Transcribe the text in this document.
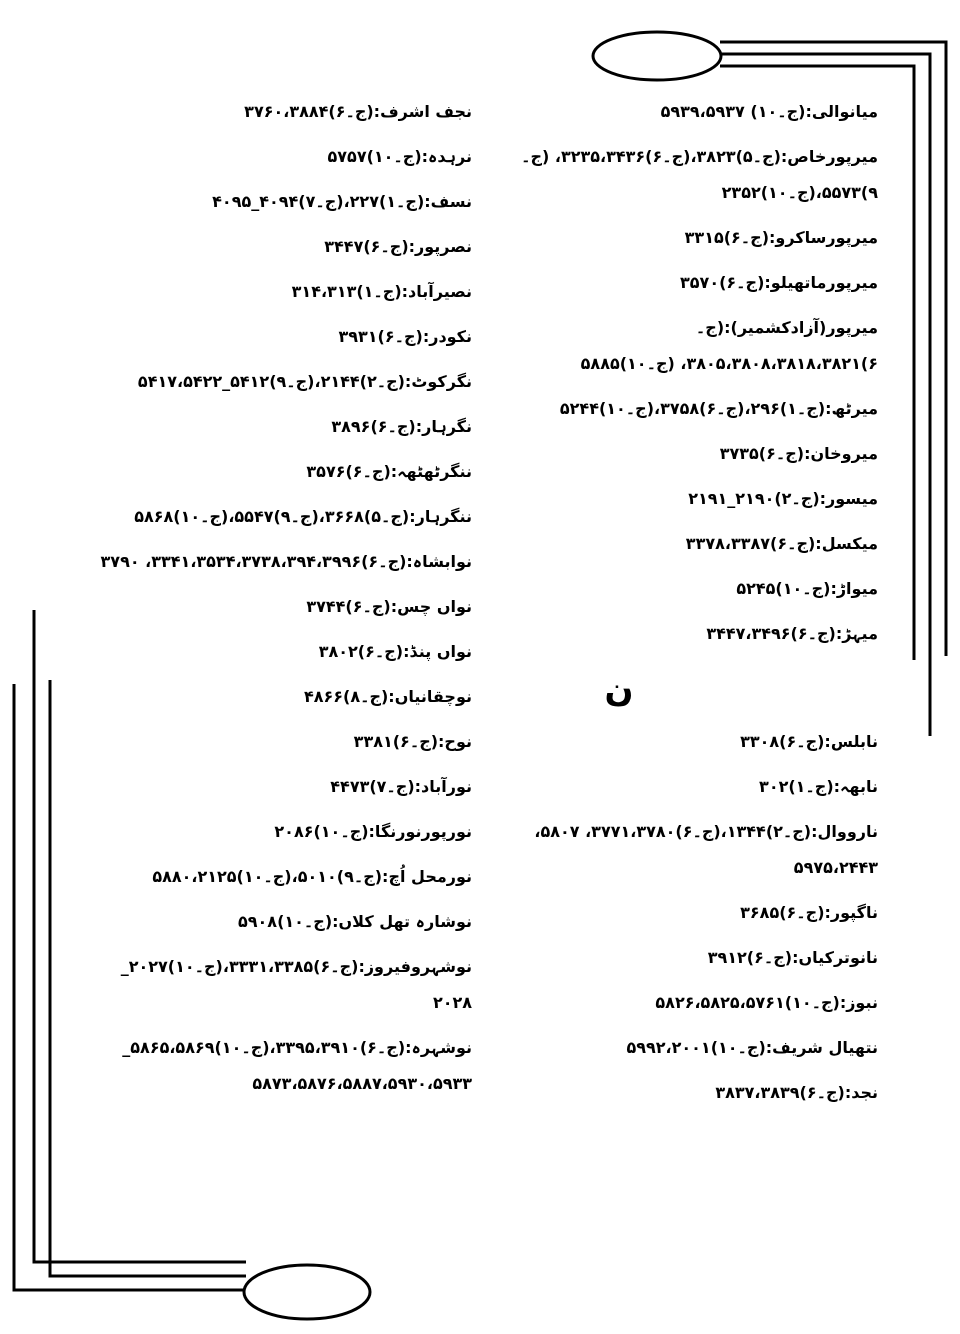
میانوالی:(ج۔۱۰) ۵۹۳۹،۵۹۳۷
میرپورخاص:(ج۔۵)۳۸۲۳،(ج۔۶)۳۲۳۵،۳۴۳۶، (ج۔۹)۵۵۷۳،(ج۔۱۰)۲۳۵۲
میرپورساکرو:(ج۔۶)۳۳۱۵
میرپورماتھیلو:(ج۔۶)۳۵۷۰
میرپور(آزادکشمیر):(ج۔۶)۳۸۰۵،۳۸۰۸،۳۸۱۸،۳۸۲۱، (ج۔۱۰)۵۸۸۵
میرٹھ:(ج۔۱)۲۹۶،(ج۔۶)۳۷۵۸،(ج۔۱۰)۵۲۴۴
میروخان:(ج۔۶)۳۷۳۵
میسور:(ج۔۲)۲۱۹۰_۲۱۹۱
میکسل:(ج۔۶)۳۳۷۸،۳۳۸۷
میواڑ:(ج۔۱۰)۵۲۴۵
میہڑ:(ج۔۶)۳۴۴۷،۳۴۹۶
ن
نابلس:(ج۔۶)۳۳۰۸
نابھہ:(ج۔۱)۳۰۲
نارووال:(ج۔۲)۱۳۴۴،(ج۔۶)۳۷۷۱،۳۷۸۰، ۵۸۰۷، ۵۹۷۵،۲۴۴۳
ناگپور:(ج۔۶)۳۶۸۵
نانوترکیاں:(ج۔۶)۳۹۱۲
نبوز:(ج۔۱۰)۵۸۲۶،۵۸۲۵،۵۷۶۱
نتھیال شریف:(ج۔۱۰)۵۹۹۲،۲۰۰۱
نجد:(ج۔۶)۳۸۳۷،۳۸۳۹
نجف اشرف:(ج۔۶)۳۷۶۰،۳۸۸۴
نرہدہ:(ج۔۱۰)۵۷۵۷
نسف:(ج۔۱)۲۲۷،(ج۔۷)۴۰۹۴_۴۰۹۵
نصرپور:(ج۔۶)۳۴۴۷
نصیرآباد:(ج۔۱)۳۱۴،۳۱۳
نکودر:(ج۔۶)۳۹۳۱
نگرکوٹ:(ج۔۲)۲۱۴۴،(ج۔۹)۵۴۱۲_۵۴۱۷،۵۴۲۲
نگرہار:(ج۔۶)۳۸۹۶
ننگرٹھٹھہ:(ج۔۶)۳۵۷۶
ننگرہار:(ج۔۵)۳۶۶۸،(ج۔۹)۵۵۴۷،(ج۔۱۰)۵۸۶۸
نوابشاہ:(ج۔۶)۳۳۴۱،۳۵۳۴،۳۷۳۸،۳۹۴،۳۹۹۶، ۳۷۹۰
نواں چس:(ج۔۶)۳۷۴۴
نواں پنڈ:(ج۔۶)۳۸۰۲
نوچقانیاں:(ج۔۸)۴۸۶۶
نوح:(ج۔۶)۳۳۸۱
نورآباد:(ج۔۷)۴۴۷۳
نورپورنورنگا:(ج۔۱۰)۲۰۸۶
نورمحل اُچ:(ج۔۹)۵۰۱۰،(ج۔۱۰)۵۸۸۰،۲۱۲۵
نوشارہ تھل کلاں:(ج۔۱۰)۵۹۰۸
نوشہروفیروز:(ج۔۶)۳۳۳۱،۳۳۸۵،(ج۔۱۰)۲۰۲۷_ ۲۰۲۸
نوشہرہ:(ج۔۶)۳۳۹۵،۳۹۱۰،(ج۔۱۰)۵۸۶۵،۵۸۶۹_ ۵۸۷۳،۵۸۷۶،۵۸۸۷،۵۹۳۰،۵۹۳۳
